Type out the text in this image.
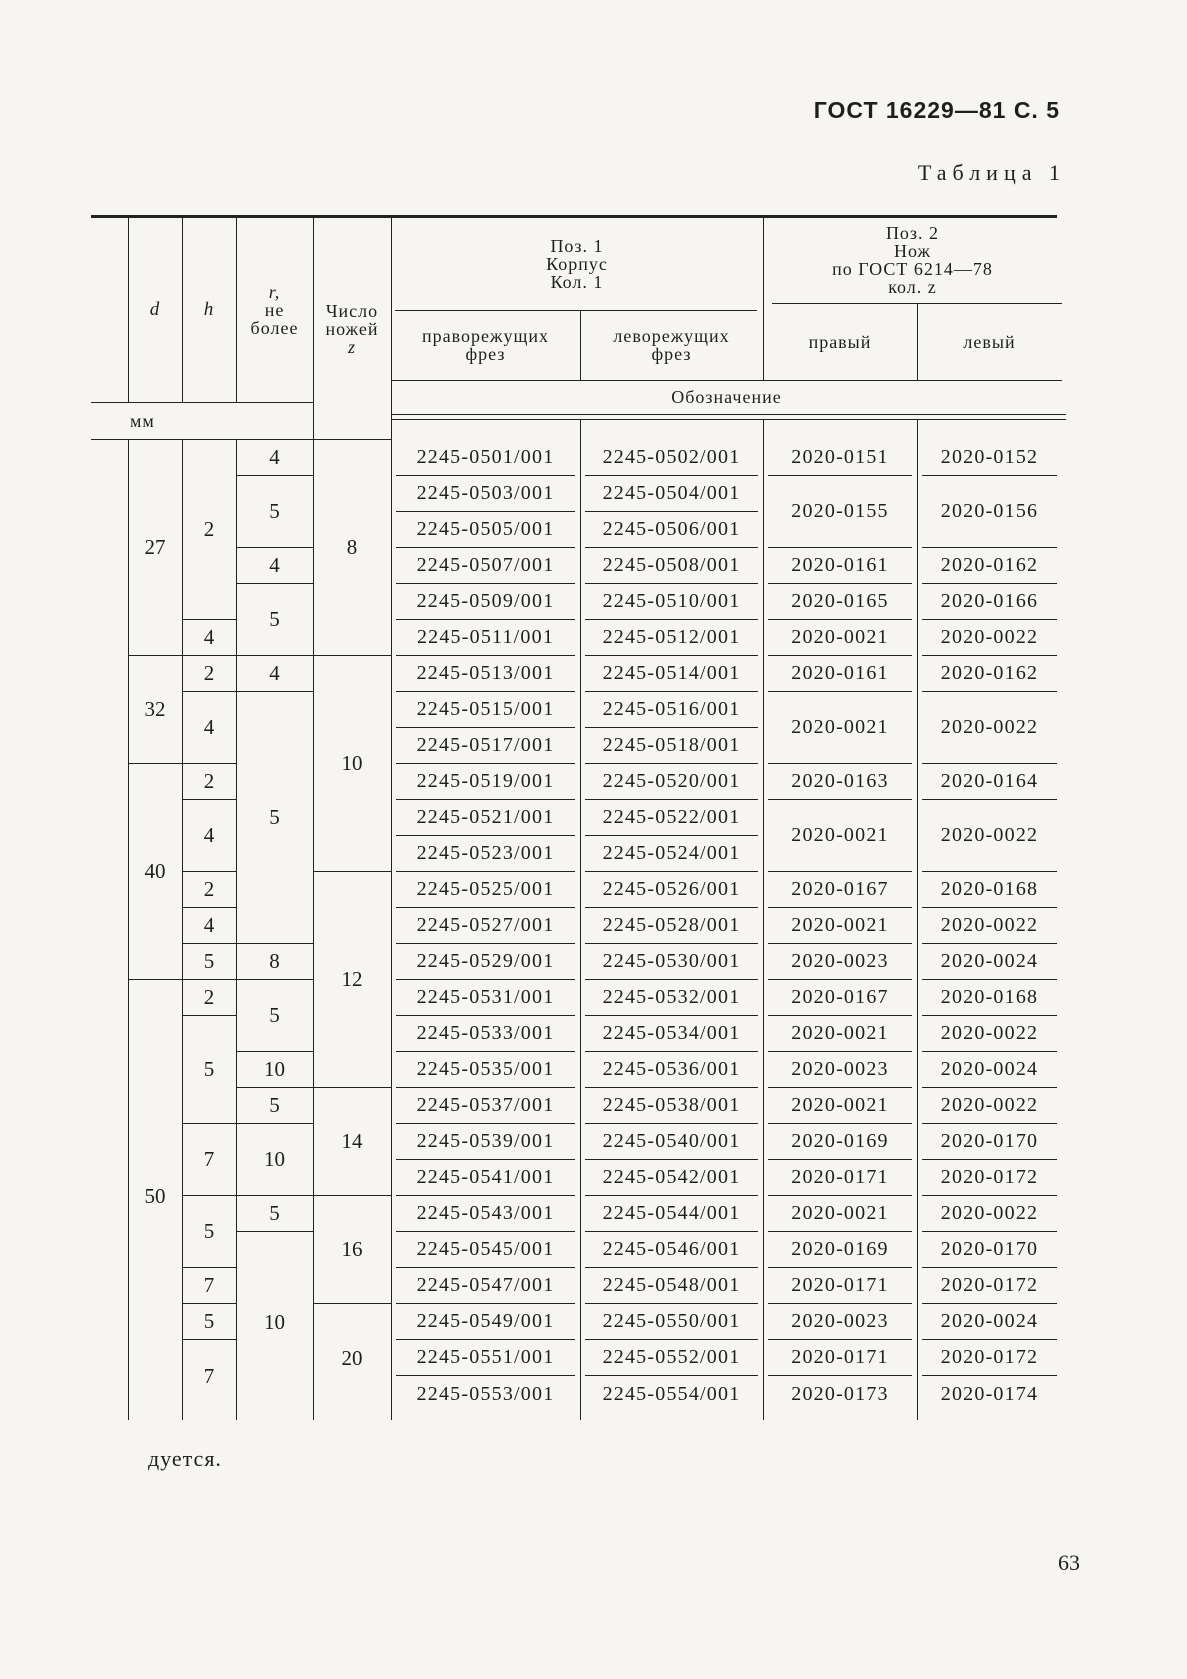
ГОСТ 16229—81 С. 5
Таблица 1
d h
r,
не
более
Число
ножей
z
Поз. 1
Корпус
Кол. 1
Поз. 2
Нож
по ГОСТ 6214—78
кол. z
праворежущих
фрез
леворежущих
фрез
правый	левый
Обозначение
мм
27
32
40
50
2
4
2
4
2
4
2
4
5
2
5
7
5
7
5
7
4
5
4
5
4
5
8
5
10
5
10
5
10
8
10
12
14
16
20
2245-0501/001
2245-0503/001
2245-0505/001
2245-0507/001
2245-0509/001
2245-0511/001
2245-0513/001
2245-0515/001
2245-0517/001
2245-0519/001
2245-0521/001
2245-0523/001
2245-0525/001
2245-0527/001
2245-0529/001
2245-0531/001
2245-0533/001
2245-0535/001
2245-0537/001
2245-0539/001
2245-0541/001
2245-0543/001
2245-0545/001
2245-0547/001
2245-0549/001
2245-0551/001
2245-0553/001
2245-0502/001
2245-0504/001
2245-0506/001
2245-0508/001
2245-0510/001
2245-0512/001
2245-0514/001
2245-0516/001
2245-0518/001
2245-0520/001
2245-0522/001
2245-0524/001
2245-0526/001
2245-0528/001
2245-0530/001
2245-0532/001
2245-0534/001
2245-0536/001
2245-0538/001
2245-0540/001
2245-0542/001
2245-0544/001
2245-0546/001
2245-0548/001
2245-0550/001
2245-0552/001
2245-0554/001
2020-0151
2020-0155
2020-0161
2020-0165
2020-0021
2020-0161
2020-0021
2020-0163
2020-0021
2020-0167
2020-0021
2020-0023
2020-0167
2020-0021
2020-0023
2020-0021
2020-0169
2020-0171
2020-0021
2020-0169
2020-0171
2020-0023
2020-0171
2020-0173
2020-0152
2020-0156
2020-0162
2020-0166
2020-0022
2020-0162
2020-0022
2020-0164
2020-0022
2020-0168
2020-0022
2020-0024
2020-0168
2020-0022
2020-0024
2020-0022
2020-0170
2020-0172
2020-0022
2020-0170
2020-0172
2020-0024
2020-0172
2020-0174
дуется.
63
